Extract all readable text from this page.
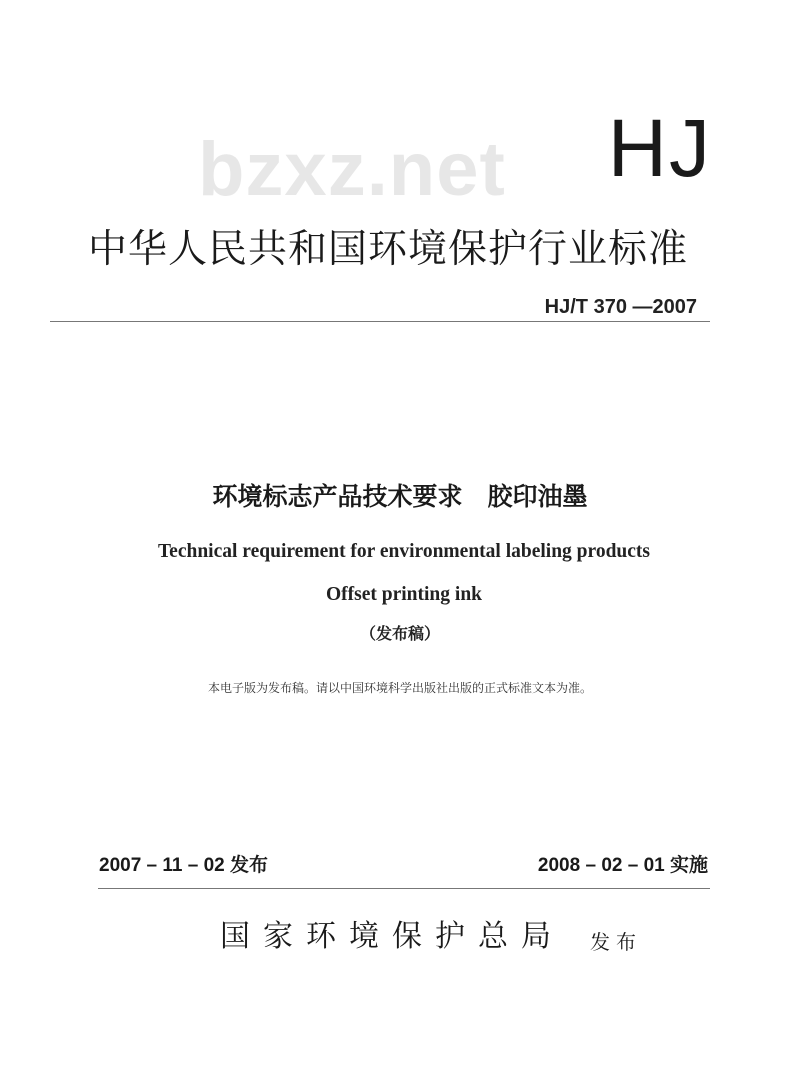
bzxz.net HJ
中华人民共和国环境保护行业标准
HJ/T 370 —2007
环境标志产品技术要求　胶印油墨
Technical requirement for environmental labeling products
Offset printing ink
（发布稿）
本电子版为发布稿。请以中国环境科学出版社出版的正式标准文本为准。
2007 – 11 – 02 发布	2008 – 02 – 01 实施
国家环境保护总局 发布
